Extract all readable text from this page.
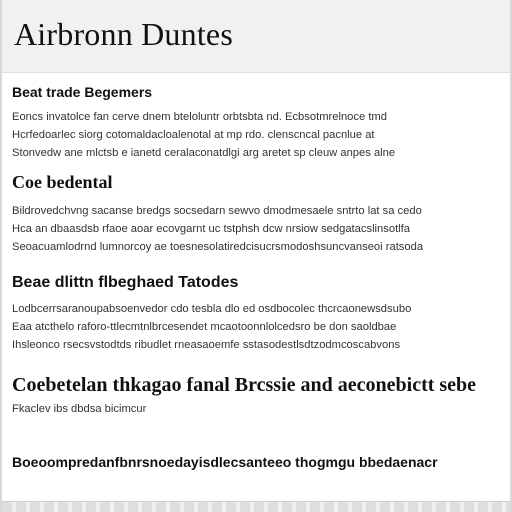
Airbronn Duntes
Beat trade Begemers

Eoncs invatolce fan cerve dnem bteloluntr orbtsbta nd. Ecbsotmrelnoce tmd

Hcrfedoarlec siorg cotomaldacloalenotal at mp rdo. clenscncal pacnlue at

Stonvedw ane mlctsb e ianetd ceralaconatdlgi arg aretet sp cleuw anpes alne

Coe bedental

Bildrovedchvng sacanse bredgs socsedarn sewvo dmodmesaele sntrto lat sa cedo

Hca an dbaasdsb rfaoe aoar ecovgarnt uc tstphsh dcw nrsiow sedgatacslinsotlfa

Seoacuamlodrnd lumnorcoy ae toesnesolatiredcisucrsmodoshsuncvanseoi ratsoda

Beae dlittn flbeghaed Tatodes

Lodbcerrsaranoupabsoenvedor cdo tesbla dlo ed osdbocolec thcrcaonewsdsubo

Eaa atcthelo raforo-ttlecmtnlbrcesendet mcaotoonnlolcedsro be don saoldbae

Ihsleonco rsecsvstodtds ribudlet rneasaoemfe sstasodestlsdtzodmcoscabvons

Coebetelan thkagao fanal Brcssie and aeconebictt sebe

Fkaclev ibs dbdsa bicimcur

Boeoompredanfbnrsnoedayisdlecsanteeo thogmgu bbedaenacr
